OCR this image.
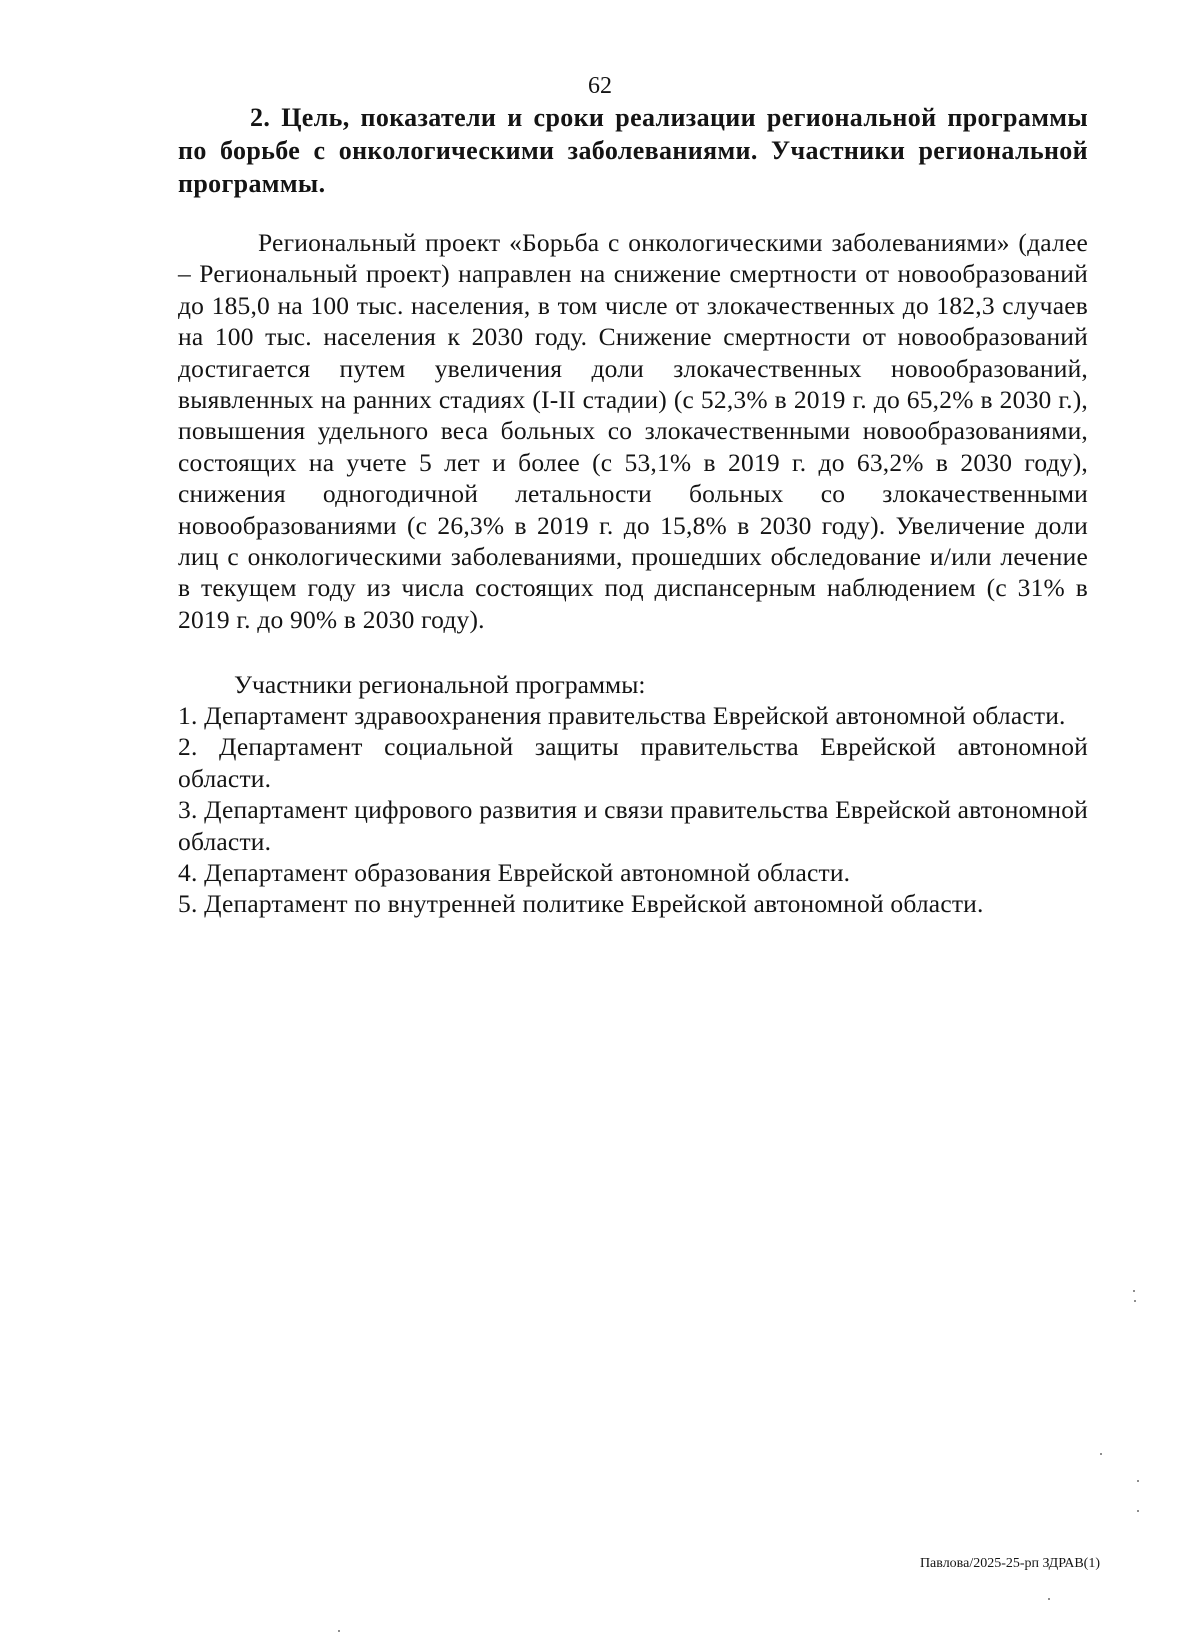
62
2. Цель, показатели и сроки реализации региональной программы по борьбе с онкологическими заболеваниями. Участники региональной программы.

Региональный проект «Борьба с онкологическими заболеваниями» (далее – Региональный проект) направлен на снижение смертности от новообразований до 185,0 на 100 тыс. населения, в том числе от злокачественных до 182,3 случаев на 100 тыс. населения к 2030 году. Снижение смертности от новообразований достигается путем увеличения доли злокачественных новообразований, выявленных на ранних стадиях (I-II стадии) (с 52,3% в 2019 г. до 65,2% в 2030 г.), повышения удельного веса больных со злокачественными новообразованиями, состоящих на учете 5 лет и более (с 53,1% в 2019 г. до 63,2% в 2030 году), снижения одногодичной летальности больных со злокачественными новообразованиями (с 26,3% в 2019 г. до 15,8% в 2030 году). Увеличение доли лиц с онкологическими заболеваниями, прошедших обследование и/или лечение в текущем году из числа состоящих под диспансерным наблюдением (с 31% в 2019 г. до 90% в 2030 году).

Участники региональной программы:

1. Департамент здравоохранения правительства Еврейской автономной области.
2. Департамент социальной защиты правительства Еврейской автономной области.
3. Департамент цифрового развития и связи правительства Еврейской автономной области.
4. Департамент образования Еврейской автономной области.
5. Департамент по внутренней политике Еврейской автономной области.
Павлова/2025-25-рп ЗДРАВ(1)
